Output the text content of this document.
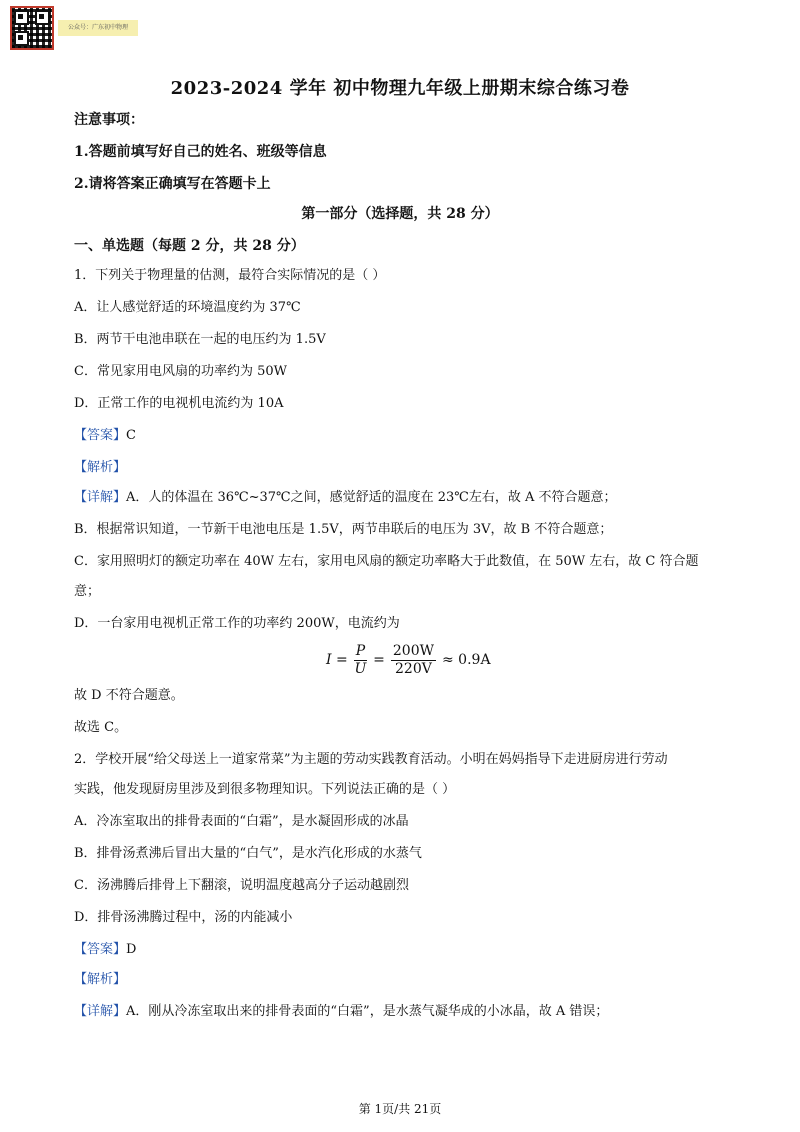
公众号：广东初中物理
2023-2024 学年 初中物理九年级上册期末综合练习卷
注意事项：
1.答题前填写好自己的姓名、班级等信息
2.请将答案正确填写在答题卡上
第一部分（选择题，共 28 分）
一、单选题（每题 2 分，共 28 分）
1．下列关于物理量的估测，最符合实际情况的是（ ）
A．让人感觉舒适的环境温度约为 37℃
B．两节干电池串联在一起的电压约为 1.5V
C．常见家用电风扇的功率约为 50W
D．正常工作的电视机电流约为 10A
【答案】C
【解析】
【详解】A．人的体温在 36℃~37℃之间，感觉舒适的温度在 23℃左右，故 A 不符合题意；
B．根据常识知道，一节新干电池电压是 1.5V，两节串联后的电压为 3V，故 B 不符合题意；
C．家用照明灯的额定功率在 40W 左右，家用电风扇的额定功率略大于此数值，在 50W 左右，故 C 符合题
意；
D．一台家用电视机正常工作的功率约 200W，电流约为
$I = \frac{P}{U} = \frac{200W}{220V} \approx 0.9A$
故 D 不符合题意。
故选 C。
2．学校开展“给父母送上一道家常菜”为主题的劳动实践教育活动。小明在妈妈指导下走进厨房进行劳动
实践，他发现厨房里涉及到很多物理知识。下列说法正确的是（ ）
A．冷冻室取出的排骨表面的“白霜”，是水凝固形成的冰晶
B．排骨汤煮沸后冒出大量的“白气”，是水汽化形成的水蒸气
C．汤沸腾后排骨上下翻滚，说明温度越高分子运动越剧烈
D．排骨汤沸腾过程中，汤的内能减小
【答案】D
【解析】
【详解】A．刚从冷冻室取出来的排骨表面的“白霜”，是水蒸气凝华成的小冰晶，故 A 错误；
第 1页/共 21页
